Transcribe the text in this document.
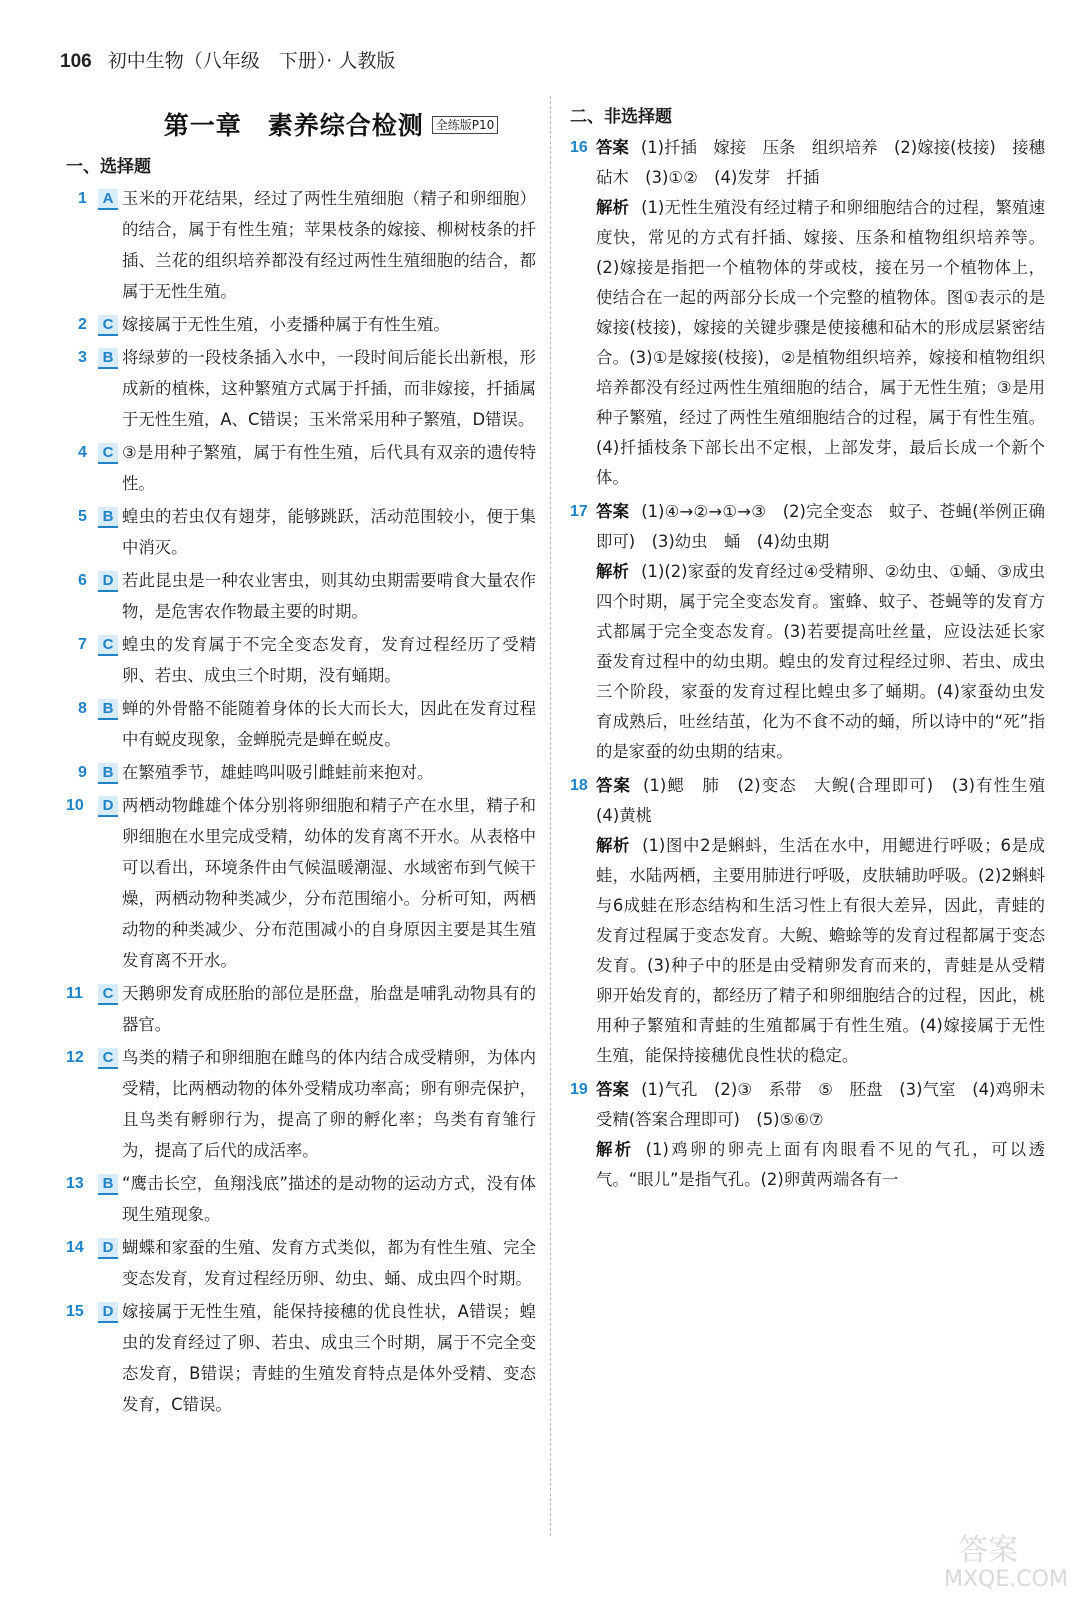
106 初中生物（八年级　下册）· 人教版
第一章　素养综合检测 全练版P10
一、选择题
1	A 玉米的开花结果，经过了两性生殖细胞（精子和卵细胞）的结合，属于有性生殖；苹果枝条的嫁接、柳树枝条的扦插、兰花的组织培养都没有经过两性生殖细胞的结合，都属于无性生殖。
2	C 嫁接属于无性生殖，小麦播种属于有性生殖。
3	B 将绿萝的一段枝条插入水中，一段时间后能长出新根，形成新的植株，这种繁殖方式属于扦插，而非嫁接，扦插属于无性生殖，A、C错误；玉米常采用种子繁殖，D错误。
4	C ③是用种子繁殖，属于有性生殖，后代具有双亲的遗传特性。
5	B 蝗虫的若虫仅有翅芽，能够跳跃，活动范围较小，便于集中消灭。
6	D 若此昆虫是一种农业害虫，则其幼虫期需要啃食大量农作物，是危害农作物最主要的时期。
7	C 蝗虫的发育属于不完全变态发育，发育过程经历了受精卵、若虫、成虫三个时期，没有蛹期。
8	B 蝉的外骨骼不能随着身体的长大而长大，因此在发育过程中有蜕皮现象，金蝉脱壳是蝉在蜕皮。
9	B 在繁殖季节，雄蛙鸣叫吸引雌蛙前来抱对。
10	D 两栖动物雌雄个体分别将卵细胞和精子产在水里，精子和卵细胞在水里完成受精，幼体的发育离不开水。从表格中可以看出，环境条件由气候温暖潮湿、水域密布到气候干燥，两栖动物种类减少，分布范围缩小。分析可知，两栖动物的种类减少、分布范围减小的自身原因主要是其生殖发育离不开水。
11	C 天鹅卵发育成胚胎的部位是胚盘，胎盘是哺乳动物具有的器官。
12	C 鸟类的精子和卵细胞在雌鸟的体内结合成受精卵，为体内受精，比两栖动物的体外受精成功率高；卵有卵壳保护，且鸟类有孵卵行为，提高了卵的孵化率；鸟类有育雏行为，提高了后代的成活率。
13	B “鹰击长空，鱼翔浅底”描述的是动物的运动方式，没有体现生殖现象。
14	D 蝴蝶和家蚕的生殖、发育方式类似，都为有性生殖、完全变态发育，发育过程经历卵、幼虫、蛹、成虫四个时期。
15	D 嫁接属于无性生殖，能保持接穗的优良性状，A错误；蝗虫的发育经过了卵、若虫、成虫三个时期，属于不完全变态发育，B错误；青蛙的生殖发育特点是体外受精、变态发育，C错误。
二、非选择题
16 答案 (1)扦插　嫁接　压条　组织培养　(2)嫁接(枝接)　接穗　砧木　(3)①②　(4)发芽　扦插
解析 (1)无性生殖没有经过精子和卵细胞结合的过程，繁殖速度快，常见的方式有扦插、嫁接、压条和植物组织培养等。(2)嫁接是指把一个植物体的芽或枝，接在另一个植物体上，使结合在一起的两部分长成一个完整的植物体。图①表示的是嫁接(枝接)，嫁接的关键步骤是使接穗和砧木的形成层紧密结合。(3)①是嫁接(枝接)，②是植物组织培养，嫁接和植物组织培养都没有经过两性生殖细胞的结合，属于无性生殖；③是用种子繁殖，经过了两性生殖细胞结合的过程，属于有性生殖。(4)扦插枝条下部长出不定根，上部发芽，最后长成一个新个体。
17 答案 (1)④→②→①→③　(2)完全变态　蚊子、苍蝇(举例正确即可)　(3)幼虫　蛹　(4)幼虫期
解析 (1)(2)家蚕的发育经过④受精卵、②幼虫、①蛹、③成虫四个时期，属于完全变态发育。蜜蜂、蚊子、苍蝇等的发育方式都属于完全变态发育。(3)若要提高吐丝量，应设法延长家蚕发育过程中的幼虫期。蝗虫的发育过程经过卵、若虫、成虫三个阶段，家蚕的发育过程比蝗虫多了蛹期。(4)家蚕幼虫发育成熟后，吐丝结茧，化为不食不动的蛹，所以诗中的“死”指的是家蚕的幼虫期的结束。
18 答案 (1)鳃　肺　(2)变态　大鲵(合理即可)　(3)有性生殖　(4)黄桃
解析 (1)图中2是蝌蚪，生活在水中，用鳃进行呼吸；6是成蛙，水陆两栖，主要用肺进行呼吸，皮肤辅助呼吸。(2)2蝌蚪与6成蛙在形态结构和生活习性上有很大差异，因此，青蛙的发育过程属于变态发育。大鲵、蟾蜍等的发育过程都属于变态发育。(3)种子中的胚是由受精卵发育而来的，青蛙是从受精卵开始发育的，都经历了精子和卵细胞结合的过程，因此，桃用种子繁殖和青蛙的生殖都属于有性生殖。(4)嫁接属于无性生殖，能保持接穗优良性状的稳定。
19 答案 (1)气孔　(2)③　系带　⑤　胚盘　(3)气室　(4)鸡卵未受精(答案合理即可)　(5)⑤⑥⑦
解析 (1)鸡卵的卵壳上面有肉眼看不见的气孔，可以透气。“眼儿”是指气孔。(2)卵黄两端各有一
答案
MXQE.COM
